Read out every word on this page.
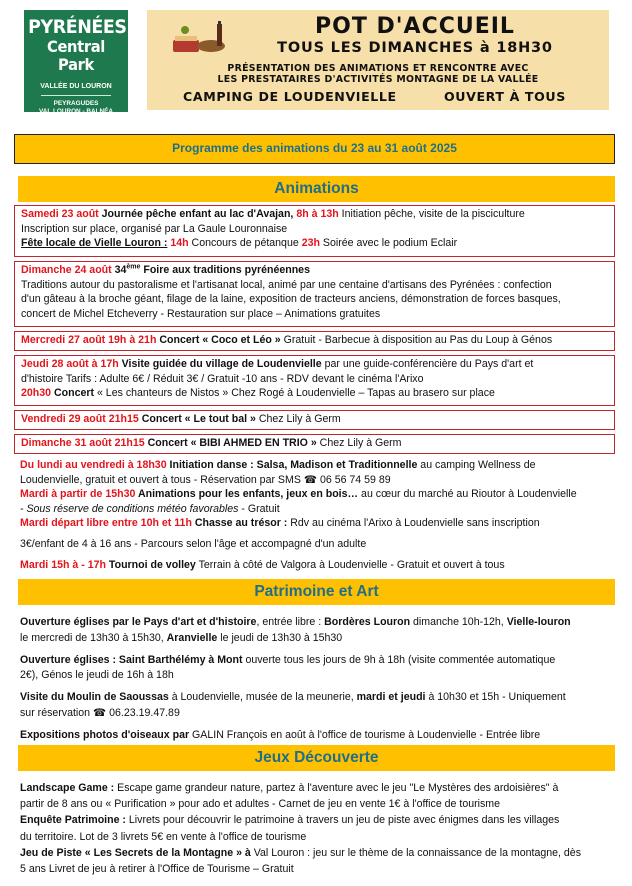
PYRÉNÉES
Central Park
VALLÉE DU LOURON
PEYRAGUDES
VAL LOURON - BALNÉA
POT D'ACCUEIL
TOUS LES DIMANCHES à 18H30
PRÉSENTATION DES ANIMATIONS ET RENCONTRE AVEC
LES PRESTATAIRES D'ACTIVITÉS MONTAGNE DE LA VALLÉE
CAMPING DE LOUDENVIELLE	OUVERT À TOUS
Programme des animations du 23 au 31 août 2025
Animations
Samedi 23 août Journée pêche enfant au lac d'Avajan, 8h à 13h Initiation pêche, visite de la pisciculture
Inscription sur place, organisé par La Gaule Louronnaise
Fête locale de Vielle Louron : 14h Concours de pétanque 23h Soirée avec le podium Eclair
Dimanche 24 août 34ème Foire aux traditions pyrénéennes
Traditions autour du pastoralisme et l'artisanat local, animé par une centaine d'artisans des Pyrénées : confection
d'un gâteau à la broche géant, filage de la laine, exposition de tracteurs anciens, démonstration de forces basques,
concert de Michel Etcheverry - Restauration sur place – Animations gratuites
Mercredi 27 août 19h à 21h Concert « Coco et Léo » Gratuit - Barbecue à disposition au Pas du Loup à Génos
Jeudi 28 août à 17h Visite guidée du village de Loudenvielle par une guide-conférencière du Pays d'art et
d'histoire Tarifs : Adulte 6€ / Réduit 3€ / Gratuit -10 ans - RDV devant le cinéma l'Arixo
20h30 Concert « Les chanteurs de Nistos » Chez Rogé à Loudenvielle – Tapas au brasero sur place
Vendredi 29 août 21h15 Concert « Le tout bal » Chez Lily à Germ
Dimanche 31 août 21h15 Concert « BIBI AHMED EN TRIO » Chez Lily à Germ
Du lundi au vendredi à 18h30 Initiation danse : Salsa, Madison et Traditionnelle au camping Wellness de
Loudenvielle, gratuit et ouvert à tous - Réservation par SMS ☎ 06 56 74 59 89
Mardi à partir de 15h30 Animations pour les enfants, jeux en bois… au cœur du marché au Rioutor à Loudenvielle
- Sous réserve de conditions météo favorables - Gratuit
Mardi départ libre entre 10h et 11h Chasse au trésor : Rdv au cinéma l'Arixo à Loudenvielle sans inscription
3€/enfant de 4 à 16 ans - Parcours selon l'âge et accompagné d'un adulte
Mardi 15h à - 17h Tournoi de volley Terrain à côté de Valgora à Loudenvielle - Gratuit et ouvert à tous
Patrimoine et Art
Ouverture églises par le Pays d'art et d'histoire, entrée libre : Bordères Louron dimanche 10h-12h, Vielle-louron
le mercredi de 13h30 à 15h30, Aranvielle le jeudi de 13h30 à 15h30
Ouverture églises : Saint Barthélémy à Mont ouverte tous les jours de 9h à 18h (visite commentée automatique
2€), Génos le jeudi de 16h à 18h
Visite du Moulin de Saoussas à Loudenvielle, musée de la meunerie, mardi et jeudi à 10h30 et 15h - Uniquement
sur réservation ☎ 06.23.19.47.89
Expositions photos d'oiseaux par GALIN François en août à l'office de tourisme à Loudenvielle - Entrée libre
Jeux Découverte
Landscape Game : Escape game grandeur nature, partez à l'aventure avec le jeu "Le Mystères des ardoisières" à
partir de 8 ans ou « Purification » pour ado et adultes - Carnet de jeu en vente 1€ à l'office de tourisme
Enquête Patrimoine : Livrets pour découvrir le patrimoine à travers un jeu de piste avec énigmes dans les villages
du territoire. Lot de 3 livrets 5€ en vente à l'office de tourisme
Jeu de Piste « Les Secrets de la Montagne » à Val Louron : jeu sur le thème de la connaissance de la montagne, dès
5 ans Livret de jeu à retirer à l'Office de Tourisme – Gratuit
